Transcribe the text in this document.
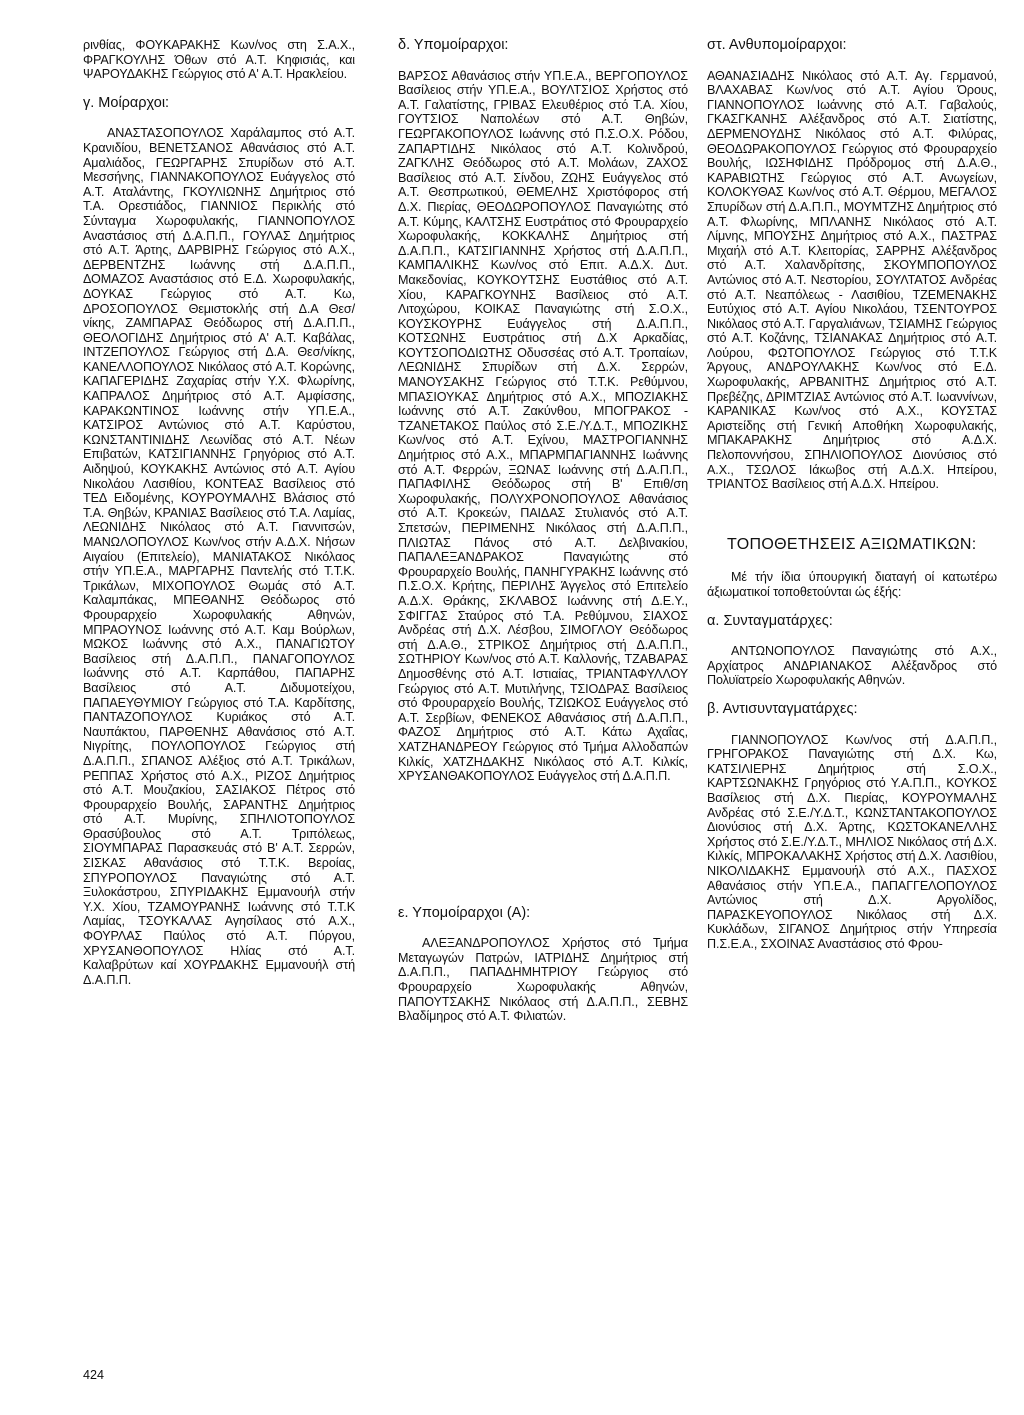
ρινθίας, ΦΟΥΚΑΡΑΚΗΣ Κων/νος στη Σ.Α.Χ., ΦΡΑΓΚΟΥΛΗΣ Όθων στό Α.Τ. Κηφισιάς, και ΨΑΡΟΥΔΑΚΗΣ Γεώργιος στό Α' Α.Τ. Ηρακλείου.

γ. Μοίραρχοι:

ΑΝΑΣΤΑΣΟΠΟΥΛΟΣ Χαράλαμπος στό Α.Τ. Κρανιδίου, ΒΕΝΕΤΣΑΝΟΣ Αθανάσιος στό Α.Τ. Αμαλιάδος, ΓΕΩΡΓΑΡΗΣ Σπυρίδων στό Α.Τ. Μεσσήνης, ΓΙΑΝΝΑΚΟΠΟΥΛΟΣ Ευάγγελος στό Α.Τ. Αταλάντης, ΓΚΟΥΛΙΩΝΗΣ Δημήτριος στό Τ.Α. Ορεστιάδος, ΓΙΑΝΝΙΟΣ Περικλής στό Σύνταγμα Χωροφυλακής, ΓΙΑΝΝΟΠΟΥΛΟΣ Αναστάσιος στή Δ.Α.Π.Π., ΓΟΥΛΑΣ Δημήτριος στό Α.Τ. Άρτης, ΔΑΡΒΙΡΗΣ Γεώργιος στό Α.Χ., ΔΕΡΒΕΝΤΖΗΣ Ιωάννης στή Δ.Α.Π.Π., ΔΟΜΑΖΟΣ Αναστάσιος στό Ε.Δ. Χωροφυλακής, ΔΟΥΚΑΣ Γεώργιος στό Α.Τ. Κω, ΔΡΟΣΟΠΟΥΛΟΣ Θεμιστοκλής στή Δ.Α Θεσ/νίκης, ΖΑΜΠΑΡΑΣ Θεόδωρος στή Δ.Α.Π.Π., ΘΕΟΛΟΓΙΔΗΣ Δημήτριος στό Α' Α.Τ. Καβάλας, ΙΝΤΖΕΠΟΥΛΟΣ Γεώργιος στή Δ.Α. Θεσ/νίκης, ΚΑΝΕΛΛΟΠΟΥΛΟΣ Νικόλαος στό Α.Τ. Κορώνης, ΚΑΠΑΓΕΡΙΔΗΣ Ζαχαρίας στήν Υ.Χ. Φλωρίνης, ΚΑΠΡΑΛΟΣ Δημήτριος στό Α.Τ. Αμφίσσης, ΚΑΡΑΚΩΝΤΙΝΟΣ Ιωάννης στήν ΥΠ.Ε.Α., ΚΑΤΣΙΡΟΣ Αντώνιος στό Α.Τ. Καρύστου, ΚΩΝΣΤΑΝΤΙΝΙΔΗΣ Λεωνίδας στό Α.Τ. Νέων Επιβατών, ΚΑΤΣΙΓΙΑΝΝΗΣ Γρηγόριος στό Α.Τ. Αιδηψού, ΚΟΥΚΑΚΗΣ Αντώνιος στό Α.Τ. Αγίου Νικολάου Λασιθίου, ΚΟΝΤΕΑΣ Βασίλειος στό ΤΕΔ Ειδομένης, ΚΟΥΡΟΥΜΑΛΗΣ Βλάσιος στό Τ.Α. Θηβών, ΚΡΑΝΙΑΣ Βασίλειος στό Τ.Α. Λαμίας, ΛΕΩΝΙΔΗΣ Νικόλαος στό Α.Τ. Γιαννιτσών, ΜΑΝΩΛΟΠΟΥΛΟΣ Κων/νος στήν Α.Δ.Χ. Νήσων Αιγαίου (Επιτελείο), ΜΑΝΙΑΤΑΚΟΣ Νικόλαος στήν ΥΠ.Ε.Α., ΜΑΡΓΑΡΗΣ Παντελής στό Τ.Τ.Κ. Τρικάλων, ΜΙΧΟΠΟΥΛΟΣ Θωμάς στό Α.Τ. Καλαμπάκας, ΜΠΕΘΑΝΗΣ Θεόδωρος στό Φρουραρχείο Χωροφυλακής Αθηνών, ΜΠΡΑΟΥΝΟΣ Ιωάννης στό Α.Τ. Καμ Βούρλων, ΜΩΚΟΣ Ιωάννης στό Α.Χ., ΠΑΝΑΓΙΩΤΟΥ Βασίλειος στή Δ.Α.Π.Π., ΠΑΝΑΓΟΠΟΥΛΟΣ Ιωάννης στό Α.Τ. Καρπάθου, ΠΑΠΑΡΗΣ Βασίλειος στό Α.Τ. Διδυμοτείχου, ΠΑΠΑΕΥΘΥΜΙΟΥ Γεώργιος στό Τ.Α. Καρδίτσης, ΠΑΝΤΑΖΟΠΟΥΛΟΣ Κυριάκος στό Α.Τ. Ναυπάκτου, ΠΑΡΘΕΝΗΣ Αθανάσιος στό Α.Τ. Νιγρίτης, ΠΟΥΛΟΠΟΥΛΟΣ Γεώργιος στή Δ.Α.Π.Π., ΣΠΑΝΟΣ Αλέξιος στό Α.Τ. Τρικάλων, ΡΕΠΠΑΣ Χρήστος στό Α.Χ., ΡΙΖΟΣ Δημήτριος στό Α.Τ. Μουζακίου, ΣΑΣΙΑΚΟΣ Πέτρος στό Φρουραρχείο Βουλής, ΣΑΡΑΝΤΗΣ Δημήτριος στό Α.Τ. Μυρίνης, ΣΠΗΛΙΟΤΟΠΟΥΛΟΣ Θρασύβουλος στό Α.Τ. Τριπόλεως, ΣΙΟΥΜΠΑΡΑΣ Παρασκευάς στό Β' Α.Τ. Σερρών, ΣΙΣΚΑΣ Αθανάσιος στό Τ.Τ.Κ. Βεροίας, ΣΠΥΡΟΠΟΥΛΟΣ Παναγιώτης στό Α.Τ. Ξυλοκάστρου, ΣΠΥΡΙΔΑΚΗΣ Εμμανουήλ στήν Υ.Χ. Χίου, ΤΖΑΜΟΥΡΑΝΗΣ Ιωάννης στό Τ.Τ.Κ Λαμίας, ΤΣΟΥΚΑΛΑΣ Αγησίλαος στό Α.Χ., ΦΟΥΡΛΑΣ Παύλος στό Α.Τ. Πύργου, ΧΡΥΣΑΝΘΟΠΟΥΛΟΣ Ηλίας στό Α.Τ. Καλαβρύτων καί ΧΟΥΡΔΑΚΗΣ Εμμανουήλ στή Δ.Α.Π.Π.

δ. Υπομοίραρχοι:

ΒΑΡΣΟΣ Αθανάσιος στήν ΥΠ.Ε.Α., ΒΕΡΓΟΠΟΥΛΟΣ Βασίλειος στήν ΥΠ.Ε.Α., ΒΟΥΛΤΣΙΟΣ Χρήστος στό Α.Τ. Γαλατίστης, ΓΡΙΒΑΣ Ελευθέριος στό Τ.Α. Χίου, ΓΟΥΤΣΙΟΣ Ναπολέων στό Α.Τ. Θηβών, ΓΕΩΡΓΑΚΟΠΟΥΛΟΣ Ιωάννης στό Π.Σ.Ο.Χ. Ρόδου, ΖΑΠΑΡΤΙΔΗΣ Νικόλαος στό Α.Τ. Κολινδρού, ΖΑΓΚΛΗΣ Θεόδωρος στό Α.Τ. Μολάων, ΖΑΧΟΣ Βασίλειος στό Α.Τ. Σίνδου, ΖΩΗΣ Ευάγγελος στό Α.Τ. Θεσπρωτικού, ΘΕΜΕΛΗΣ Χριστόφορος στή Δ.Χ. Πιερίας, ΘΕΟΔΩΡΟΠΟΥΛΟΣ Παναγιώτης στό Α.Τ. Κύμης, ΚΑΛΤΣΗΣ Ευστράτιος στό Φρουραρχείο Χωροφυλακής, ΚΟΚΚΑΛΗΣ Δημήτριος στή Δ.Α.Π.Π., ΚΑΤΣΙΓΙΑΝΝΗΣ Χρήστος στή Δ.Α.Π.Π., ΚΑΜΠΑΛΙΚΗΣ Κων/νος στό Επιτ. Α.Δ.Χ. Δυτ. Μακεδονίας, ΚΟΥΚΟΥΤΣΗΣ Ευστάθιος στό Α.Τ. Χίου, ΚΑΡΑΓΚΟΥΝΗΣ Βασίλειος στό Α.Τ. Λιτοχώρου, ΚΟΙΚΑΣ Παναγιώτης στή Σ.Ο.Χ., ΚΟΥΣΚΟΥΡΗΣ Ευάγγελος στή Δ.Α.Π.Π., ΚΟΤΣΩΝΗΣ Ευστράτιος στή Δ.Χ Αρκαδίας, ΚΟΥΤΣΟΠΟΔΙΩΤΗΣ Οδυσσέας στό Α.Τ. Τροπαίων, ΛΕΩΝΙΔΗΣ Σπυρίδων στή Δ.Χ. Σερρών, ΜΑΝΟΥΣΑΚΗΣ Γεώργιος στό Τ.Τ.Κ. Ρεθύμνου, ΜΠΑΣΙΟΥΚΑΣ Δημήτριος στό Α.Χ., ΜΠΟΖΙΑΚΗΣ Ιωάννης στό Α.Τ. Ζακύνθου, ΜΠΟΓΡΑΚΟΣ - ΤΖΑΝΕΤΑΚΟΣ Παύλος στό Σ.Ε./Υ.Δ.Τ., ΜΠΟΖΙΚΗΣ Κων/νος στό Α.Τ. Εχίνου, ΜΑΣΤΡΟΓΙΑΝΝΗΣ Δημήτριος στό Α.Χ., ΜΠΑΡΜΠΑΓΙΑΝΝΗΣ Ιωάννης στό Α.Τ. Φερρών, ΞΩΝΑΣ Ιωάννης στή Δ.Α.Π.Π., ΠΑΠΑΦΙΛΗΣ Θεόδωρος στή Β' Επιθ/ση Χωροφυλακής, ΠΟΛΥΧΡΟΝΟΠΟΥΛΟΣ Αθανάσιος στό Α.Τ. Κροκεών, ΠΑΙΔΑΣ Στυλιανός στό Α.Τ. Σπετσών, ΠΕΡΙΜΕΝΗΣ Νικόλαος στή Δ.Α.Π.Π., ΠΛΙΩΤΑΣ Πάνος στό Α.Τ. Δελβινακίου, ΠΑΠΑΛΕΞΑΝΔΡΑΚΟΣ Παναγιώτης στό Φρουραρχείο Βουλής, ΠΑΝΗΓΥΡΑΚΗΣ Ιωάννης στό Π.Σ.Ο.Χ. Κρήτης, ΠΕΡΙΛΗΣ Άγγελος στό Επιτελείο Α.Δ.Χ. Θράκης, ΣΚΛΑΒΟΣ Ιωάννης στή Δ.Ε.Υ., ΣΦΙΓΓΑΣ Σταύρος στό Τ.Α. Ρεθύμνου, ΣΙΑΧΟΣ Ανδρέας στή Δ.Χ. Λέσβου, ΣΙΜΟΓΛΟΥ Θεόδωρος στή Δ.Α.Θ., ΣΤΡΙΚΟΣ Δημήτριος στή Δ.Α.Π.Π., ΣΩΤΗΡΙΟΥ Κων/νος στό Α.Τ. Καλλονής, ΤΖΑΒΑΡΑΣ Δημοσθένης στό Α.Τ. Ιστιαίας, ΤΡΙΑΝΤΑΦΥΛΛΟΥ Γεώργιος στό Α.Τ. Μυτιλήνης, ΤΣΙΟΔΡΑΣ Βασίλειος στό Φρουραρχείο Βουλής, ΤΖΙΩΚΟΣ Ευάγγελος στό Α.Τ. Σερβίων, ΦΕΝΕΚΟΣ Αθανάσιος στή Δ.Α.Π.Π., ΦΑΖΟΣ Δημήτριος στό Α.Τ. Κάτω Αχαΐας, ΧΑΤΖΗΑΝΔΡΕΟΥ Γεώργιος στό Τμήμα Αλλοδαπών Κιλκίς, ΧΑΤΖΗΔΑΚΗΣ Νικόλαος στό Α.Τ. Κιλκίς, ΧΡΥΣΑΝΘΑΚΟΠΟΥΛΟΣ Ευάγγελος στή Δ.Α.Π.Π.

ε. Υπομοίραρχοι (Α):

ΑΛΕΞΑΝΔΡΟΠΟΥΛΟΣ Χρήστος στό Τμήμα Μεταγωγών Πατρών, ΙΑΤΡΙΔΗΣ Δημήτριος στή Δ.Α.Π.Π., ΠΑΠΑΔΗΜΗΤΡΙΟΥ Γεώργιος στό Φρουραρχείο Χωροφυλακής Αθηνών, ΠΑΠΟΥΤΣΑΚΗΣ Νικόλαος στή Δ.Α.Π.Π., ΣΕΒΗΣ Βλαδίμηρος στό Α.Τ. Φιλιατών.

στ. Ανθυπομοίραρχοι:

ΑΘΑΝΑΣΙΑΔΗΣ Νικόλαος στό Α.Τ. Αγ. Γερμανού, ΒΛΑΧΑΒΑΣ Κων/νος στό Α.Τ. Αγίου Όρους, ΓΙΑΝΝΟΠΟΥΛΟΣ Ιωάννης στό Α.Τ. Γαβαλούς, ΓΚΑΣΓΚΑΝΗΣ Αλέξανδρος στό Α.Τ. Σιατίστης, ΔΕΡΜΕΝΟΥΔΗΣ Νικόλαος στό Α.Τ. Φιλύρας, ΘΕΟΔΩΡΑΚΟΠΟΥΛΟΣ Γεώργιος στό Φρουραρχείο Βουλής, ΙΩΣΗΦΙΔΗΣ Πρόδρομος στή Δ.Α.Θ., ΚΑΡΑΒΙΩΤΗΣ Γεώργιος στό Α.Τ. Ανωγείων, ΚΟΛΟΚΥΘΑΣ Κων/νος στό Α.Τ. Θέρμου, ΜΕΓΑΛΟΣ Σπυρίδων στή Δ.Α.Π.Π., ΜΟΥΜΤΖΗΣ Δημήτριος στό Α.Τ. Φλωρίνης, ΜΠΛΑΝΗΣ Νικόλαος στό Α.Τ. Λίμνης, ΜΠΟΥΣΗΣ Δημήτριος στό Α.Χ., ΠΑΣΤΡΑΣ Μιχαήλ στό Α.Τ. Κλειτορίας, ΣΑΡΡΗΣ Αλέξανδρος στό Α.Τ. Χαλανδρίτσης, ΣΚΟΥΜΠΟΠΟΥΛΟΣ Αντώνιος στό Α.Τ. Νεστορίου, ΣΟΥΛΤΑΤΟΣ Ανδρέας στό Α.Τ. Νεαπόλεως - Λασιθίου, ΤΖΕΜΕΝΑΚΗΣ Ευτύχιος στό Α.Τ. Αγίου Νικολάου, ΤΣΕΝΤΟΥΡΟΣ Νικόλαος στό Α.Τ. Γαργαλιάνων, ΤΣΙΑΜΗΣ Γεώργιος στό Α.Τ. Κοζάνης, ΤΣΙΑΝΑΚΑΣ Δημήτριος στό Α.Τ. Λούρου, ΦΩΤΟΠΟΥΛΟΣ Γεώργιος στό Τ.Τ.Κ Άργους, ΑΝΔΡΟΥΛΑΚΗΣ Κων/νος στό Ε.Δ. Χωροφυλακής, ΑΡΒΑΝΙΤΗΣ Δημήτριος στό Α.Τ. Πρεβέζης, ΔΡΙΜΤΖΙΑΣ Αντώνιος στό Α.Τ. Ιωαννίνων, ΚΑΡΑΝΙΚΑΣ Κων/νος στό Α.Χ., ΚΟΥΣΤΑΣ Αριστείδης στή Γενική Αποθήκη Χωροφυλακής, ΜΠΑΚΑΡΑΚΗΣ Δημήτριος στό Α.Δ.Χ. Πελοποννήσου, ΣΠΗΛΙΟΠΟΥΛΟΣ Διονύσιος στό Α.Χ., ΤΣΩΛΟΣ Ιάκωβος στή Α.Δ.Χ. Ηπείρου, ΤΡΙΑΝΤΟΣ Βασίλειος στή Α.Δ.Χ. Ηπείρου.

ΤΟΠΟΘΕΤΗΣΕΙΣ ΑΞΙΩΜΑΤΙΚΩΝ:

Μέ τήν ίδια ύπουργική διαταγή οί κατωτέρω άξιωματικοί τοποθετούνται ώς έξής:

α. Συνταγματάρχες:

ΑΝΤΩΝΟΠΟΥΛΟΣ Παναγιώτης στό Α.Χ., Αρχίατρος ΑΝΔΡΙΑΝΑΚΟΣ Αλέξανδρος στό Πολυϊατρείο Χωροφυλακής Αθηνών.

β. Αντισυνταγματάρχες:

ΓΙΑΝΝΟΠΟΥΛΟΣ Κων/νος στή Δ.Α.Π.Π., ΓΡΗΓΟΡΑΚΟΣ Παναγιώτης στή Δ.Χ. Κω, ΚΑΤΣΙΛΙΕΡΗΣ Δημήτριος στή Σ.Ο.Χ., ΚΑΡΤΣΩΝΑΚΗΣ Γρηγόριος στό Υ.Α.Π.Π., ΚΟΥΚΟΣ Βασίλειος στή Δ.Χ. Πιερίας, ΚΟΥΡΟΥΜΑΛΗΣ Ανδρέας στό Σ.Ε./Υ.Δ.Τ., ΚΩΝΣΤΑΝΤΑΚΟΠΟΥΛΟΣ Διονύσιος στή Δ.Χ. Άρτης, ΚΩΣΤΟΚΑΝΕΛΛΗΣ Χρήστος στό Σ.Ε./Υ.Δ.Τ., ΜΗΛΙΟΣ Νικόλαος στή Δ.Χ. Κιλκίς, ΜΠΡΟΚΑΛΑΚΗΣ Χρήστος στή Δ.Χ. Λασιθίου, ΝΙΚΟΛΙΔΑΚΗΣ Εμμανουήλ στό Α.Χ., ΠΑΣΧΟΣ Αθανάσιος στήν ΥΠ.Ε.Α., ΠΑΠΑΓΓΕΛΟΠΟΥΛΟΣ Αντώνιος στή Δ.Χ. Αργολίδος, ΠΑΡΑΣΚΕΥΟΠΟΥΛΟΣ Νικόλαος στή Δ.Χ. Κυκλάδων, ΣΙΓΑΝΟΣ Δημήτριος στήν Υπηρεσία Π.Σ.Ε.Α., ΣΧΟΙΝΑΣ Αναστάσιος στό Φρου-

424
